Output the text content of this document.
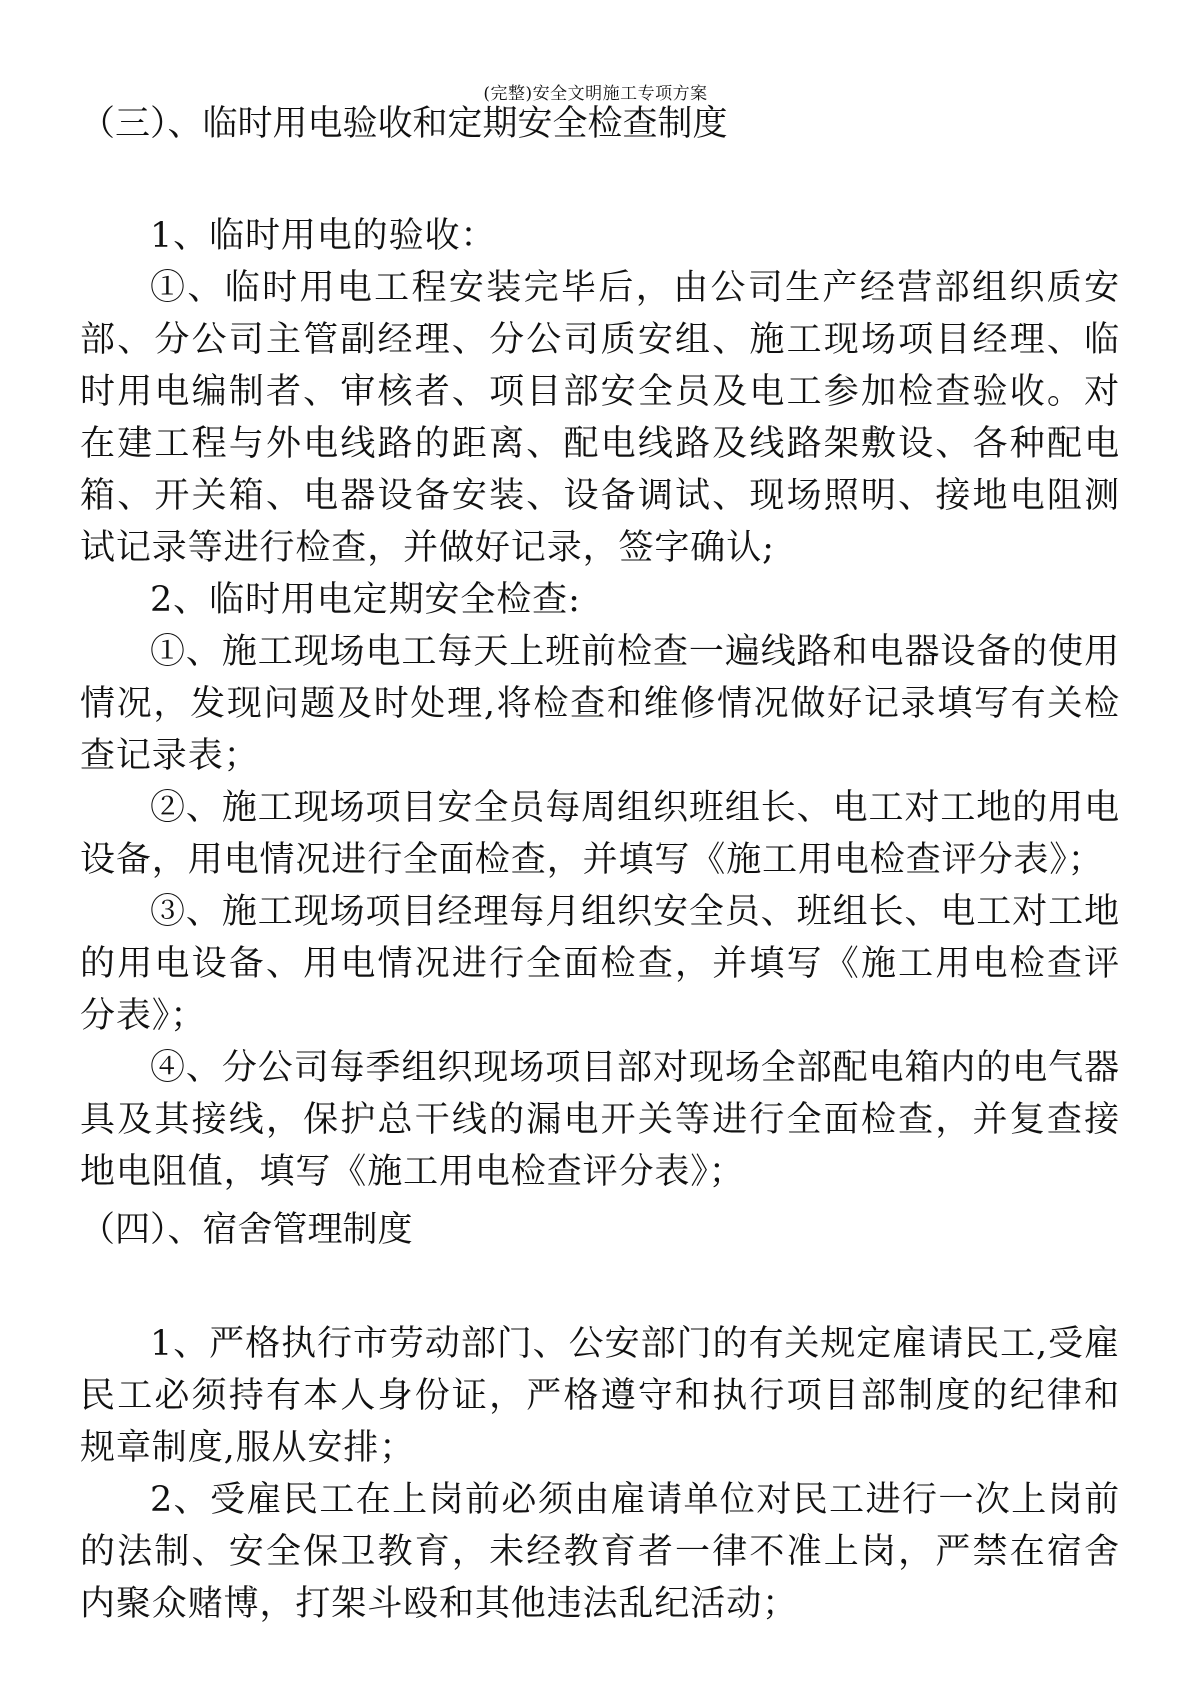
(完整)安全文明施工专项方案
（三）、临时用电验收和定期安全检查制度

1、临时用电的验收：

①、临时用电工程安装完毕后，由公司生产经营部组织质安部、分公司主管副经理、分公司质安组、施工现场项目经理、临时用电编制者、审核者、项目部安全员及电工参加检查验收。对在建工程与外电线路的距离、配电线路及线路架敷设、各种配电箱、开关箱、电器设备安装、设备调试、现场照明、接地电阻测试记录等进行检查，并做好记录，签字确认;

2、临时用电定期安全检查:

①、施工现场电工每天上班前检查一遍线路和电器设备的使用情况，发现问题及时处理,将检查和维修情况做好记录填写有关检查记录表；

②、施工现场项目安全员每周组织班组长、电工对工地的用电设备，用电情况进行全面检查，并填写《施工用电检查评分表》；

③、施工现场项目经理每月组织安全员、班组长、电工对工地的用电设备、用电情况进行全面检查，并填写《施工用电检查评分表》；

④、分公司每季组织现场项目部对现场全部配电箱内的电气器具及其接线，保护总干线的漏电开关等进行全面检查，并复查接地电阻值，填写《施工用电检查评分表》；

（四）、宿舍管理制度

1、严格执行市劳动部门、公安部门的有关规定雇请民工,受雇民工必须持有本人身份证，严格遵守和执行项目部制度的纪律和规章制度,服从安排；

2、受雇民工在上岗前必须由雇请单位对民工进行一次上岗前的法制、安全保卫教育，未经教育者一律不准上岗，严禁在宿舍内聚众赌博，打架斗殴和其他违法乱纪活动；
